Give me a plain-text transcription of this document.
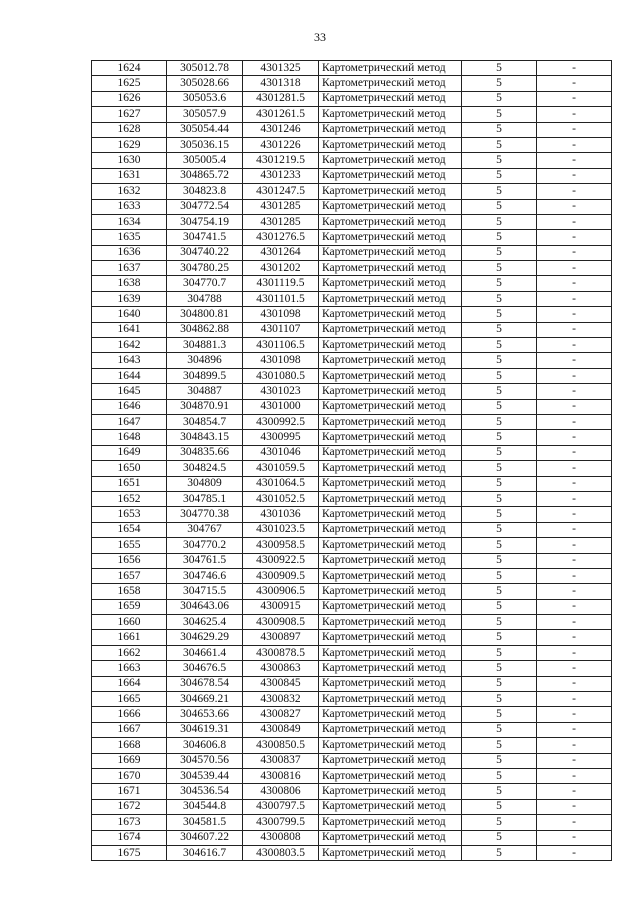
33
1624	305012.78	4301325	Картометрический метод	5	-
1625	305028.66	4301318	Картометрический метод	5	-
1626	305053.6	4301281.5	Картометрический метод	5	-
1627	305057.9	4301261.5	Картометрический метод	5	-
1628	305054.44	4301246	Картометрический метод	5	-
1629	305036.15	4301226	Картометрический метод	5	-
1630	305005.4	4301219.5	Картометрический метод	5	-
1631	304865.72	4301233	Картометрический метод	5	-
1632	304823.8	4301247.5	Картометрический метод	5	-
1633	304772.54	4301285	Картометрический метод	5	-
1634	304754.19	4301285	Картометрический метод	5	-
1635	304741.5	4301276.5	Картометрический метод	5	-
1636	304740.22	4301264	Картометрический метод	5	-
1637	304780.25	4301202	Картометрический метод	5	-
1638	304770.7	4301119.5	Картометрический метод	5	-
1639	304788	4301101.5	Картометрический метод	5	-
1640	304800.81	4301098	Картометрический метод	5	-
1641	304862.88	4301107	Картометрический метод	5	-
1642	304881.3	4301106.5	Картометрический метод	5	-
1643	304896	4301098	Картометрический метод	5	-
1644	304899.5	4301080.5	Картометрический метод	5	-
1645	304887	4301023	Картометрический метод	5	-
1646	304870.91	4301000	Картометрический метод	5	-
1647	304854.7	4300992.5	Картометрический метод	5	-
1648	304843.15	4300995	Картометрический метод	5	-
1649	304835.66	4301046	Картометрический метод	5	-
1650	304824.5	4301059.5	Картометрический метод	5	-
1651	304809	4301064.5	Картометрический метод	5	-
1652	304785.1	4301052.5	Картометрический метод	5	-
1653	304770.38	4301036	Картометрический метод	5	-
1654	304767	4301023.5	Картометрический метод	5	-
1655	304770.2	4300958.5	Картометрический метод	5	-
1656	304761.5	4300922.5	Картометрический метод	5	-
1657	304746.6	4300909.5	Картометрический метод	5	-
1658	304715.5	4300906.5	Картометрический метод	5	-
1659	304643.06	4300915	Картометрический метод	5	-
1660	304625.4	4300908.5	Картометрический метод	5	-
1661	304629.29	4300897	Картометрический метод	5	-
1662	304661.4	4300878.5	Картометрический метод	5	-
1663	304676.5	4300863	Картометрический метод	5	-
1664	304678.54	4300845	Картометрический метод	5	-
1665	304669.21	4300832	Картометрический метод	5	-
1666	304653.66	4300827	Картометрический метод	5	-
1667	304619.31	4300849	Картометрический метод	5	-
1668	304606.8	4300850.5	Картометрический метод	5	-
1669	304570.56	4300837	Картометрический метод	5	-
1670	304539.44	4300816	Картометрический метод	5	-
1671	304536.54	4300806	Картометрический метод	5	-
1672	304544.8	4300797.5	Картометрический метод	5	-
1673	304581.5	4300799.5	Картометрический метод	5	-
1674	304607.22	4300808	Картометрический метод	5	-
1675	304616.7	4300803.5	Картометрический метод	5	-
